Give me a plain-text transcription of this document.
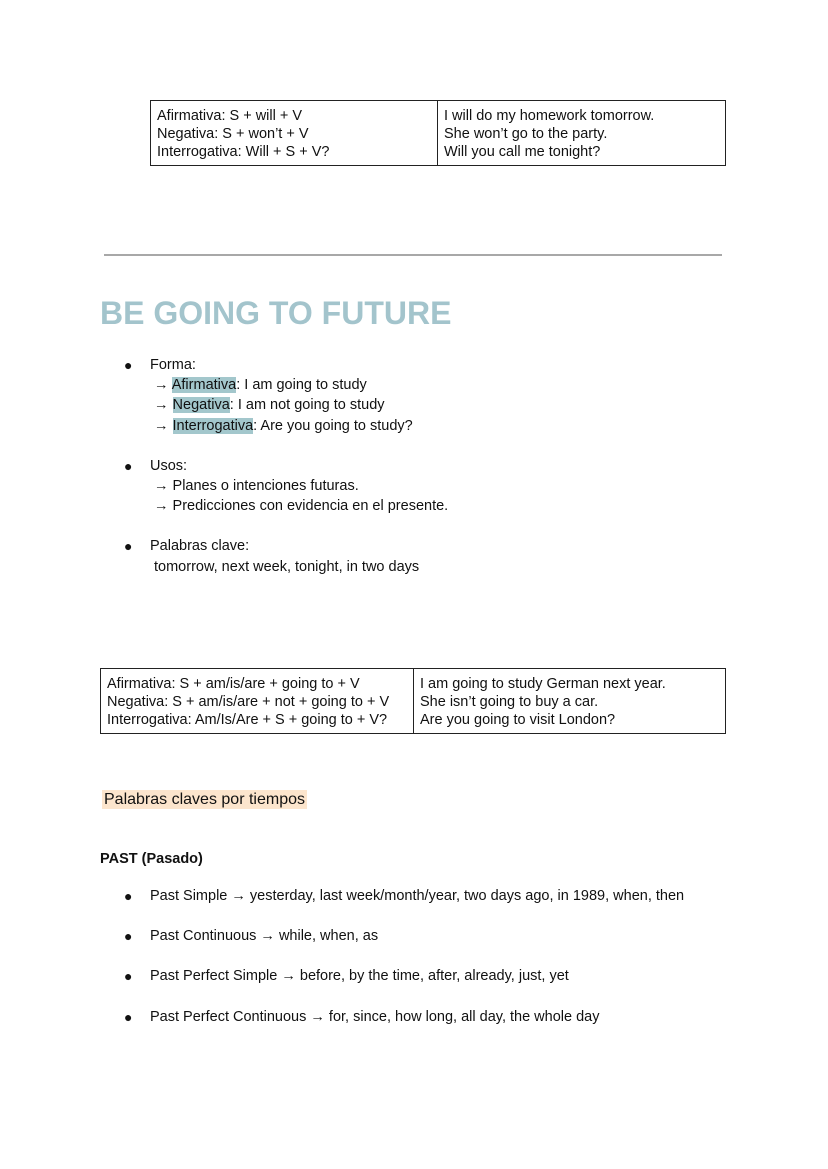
Afirmativa: S + will + V
Negativa: S + won’t + V
Interrogativa: Will + S + V?

I will do my homework tomorrow.
She won’t go to the party.
Will you call me tonight?
BE GOING TO FUTURE
● Forma:
→ Afirmativa: I am going to study
→ Negativa: I am not going to study
→ Interrogativa: Are you going to study?
● Usos:
→ Planes o intenciones futuras.
→ Predicciones con evidencia en el presente.
● Palabras clave:
tomorrow, next week, tonight, in two days
Afirmativa: S + am/is/are + going to + V
Negativa: S + am/is/are + not + going to + V
Interrogativa: Am/Is/Are + S + going to + V?

I am going to study German next year.
She isn’t going to buy a car.
Are you going to visit London?
Palabras claves por tiempos
PAST (Pasado)
● Past Simple → yesterday, last week/month/year, two days ago, in 1989, when, then
● Past Continuous → while, when, as
● Past Perfect Simple → before, by the time, after, already, just, yet
● Past Perfect Continuous → for, since, how long, all day, the whole day
